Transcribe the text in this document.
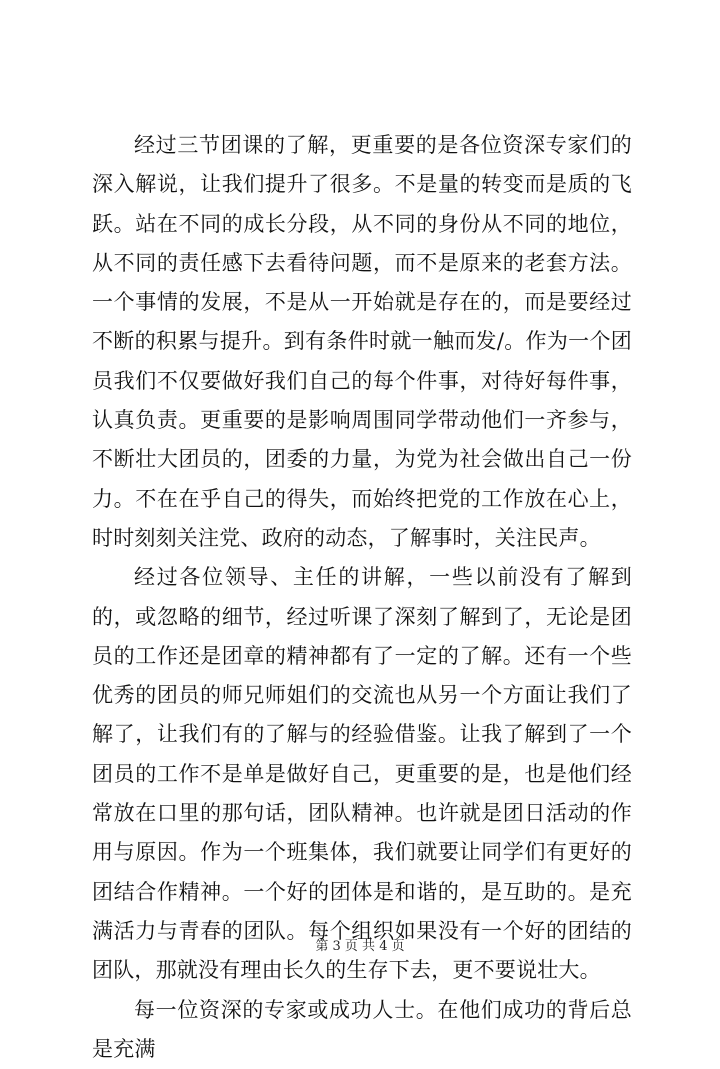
经过三节团课的了解，更重要的是各位资深专家们的深入解说，让我们提升了很多。不是量的转变而是质的飞跃。站在不同的成长分段，从不同的身份从不同的地位，从不同的责任感下去看待问题，而不是原来的老套方法。一个事情的发展，不是从一开始就是存在的，而是要经过不断的积累与提升。到有条件时就一触而发/。作为一个团员我们不仅要做好我们自己的每个件事，对待好每件事，认真负责。更重要的是影响周围同学带动他们一齐参与，不断壮大团员的，团委的力量，为党为社会做出自己一份力。不在在乎自己的得失，而始终把党的工作放在心上，时时刻刻关注党、政府的动态，了解事时，关注民声。

经过各位领导、主任的讲解，一些以前没有了解到的，或忽略的细节，经过听课了深刻了解到了，无论是团员的工作还是团章的精神都有了一定的了解。还有一个些优秀的团员的师兄师姐们的交流也从另一个方面让我们了解了，让我们有的了解与的经验借鉴。让我了解到了一个团员的工作不是单是做好自己，更重要的是，也是他们经常放在口里的那句话，团队精神。也许就是团日活动的作用与原因。作为一个班集体，我们就要让同学们有更好的团结合作精神。一个好的团体是和谐的，是互助的。是充满活力与青春的团队。每个组织如果没有一个好的团结的团队，那就没有理由长久的生存下去，更不要说壮大。

每一位资深的专家或成功人士。在他们成功的背后总是充满

第 3 页 共 4 页
